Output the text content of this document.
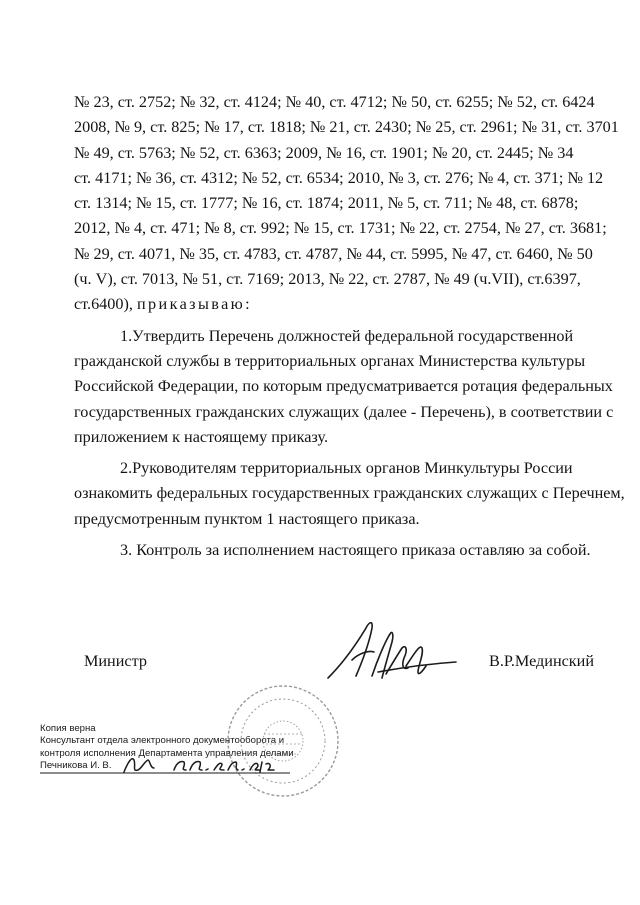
№ 23, ст. 2752; № 32, ст. 4124; № 40, ст. 4712; № 50, ст. 6255; № 52, ст. 6424
2008, № 9, ст. 825; № 17, ст. 1818; № 21, ст. 2430; № 25, ст. 2961; № 31, ст. 3701
№ 49, ст. 5763; № 52, ст. 6363; 2009, № 16, ст. 1901; № 20, ст. 2445; № 34
ст. 4171; № 36, ст. 4312; № 52, ст. 6534; 2010, № 3, ст. 276; № 4, ст. 371; № 12
ст. 1314; № 15, ст. 1777; № 16, ст. 1874; 2011, № 5, ст. 711; № 48, ст. 6878;
2012, № 4, ст. 471; № 8, ст. 992; № 15, ст. 1731; № 22, ст. 2754, № 27, ст. 3681;
№ 29, ст. 4071, № 35, ст. 4783, ст. 4787, № 44, ст. 5995, № 47, ст. 6460, № 50
(ч. V), ст. 7013, № 51, ст. 7169; 2013, № 22, ст. 2787, № 49 (ч.VII), ст.6397,
ст.6400), приказываю:
1.Утвердить Перечень должностей федеральной государственной
гражданской службы в территориальных органах Министерства культуры
Российской Федерации, по которым предусматривается ротация федеральных
государственных гражданских служащих (далее - Перечень), в соответствии с
приложением к настоящему приказу.
2.Руководителям территориальных органов Минкультуры России
ознакомить федеральных государственных гражданских служащих с Перечнем,
предусмотренным пунктом 1 настоящего приказа.
3. Контроль за исполнением настоящего приказа оставляю за собой.
Министр	В.Р.Мединский
Копия верна
Консультант отдела электронного документооборота и
контроля исполнения Департамента управления делами
Печникова И. В.
